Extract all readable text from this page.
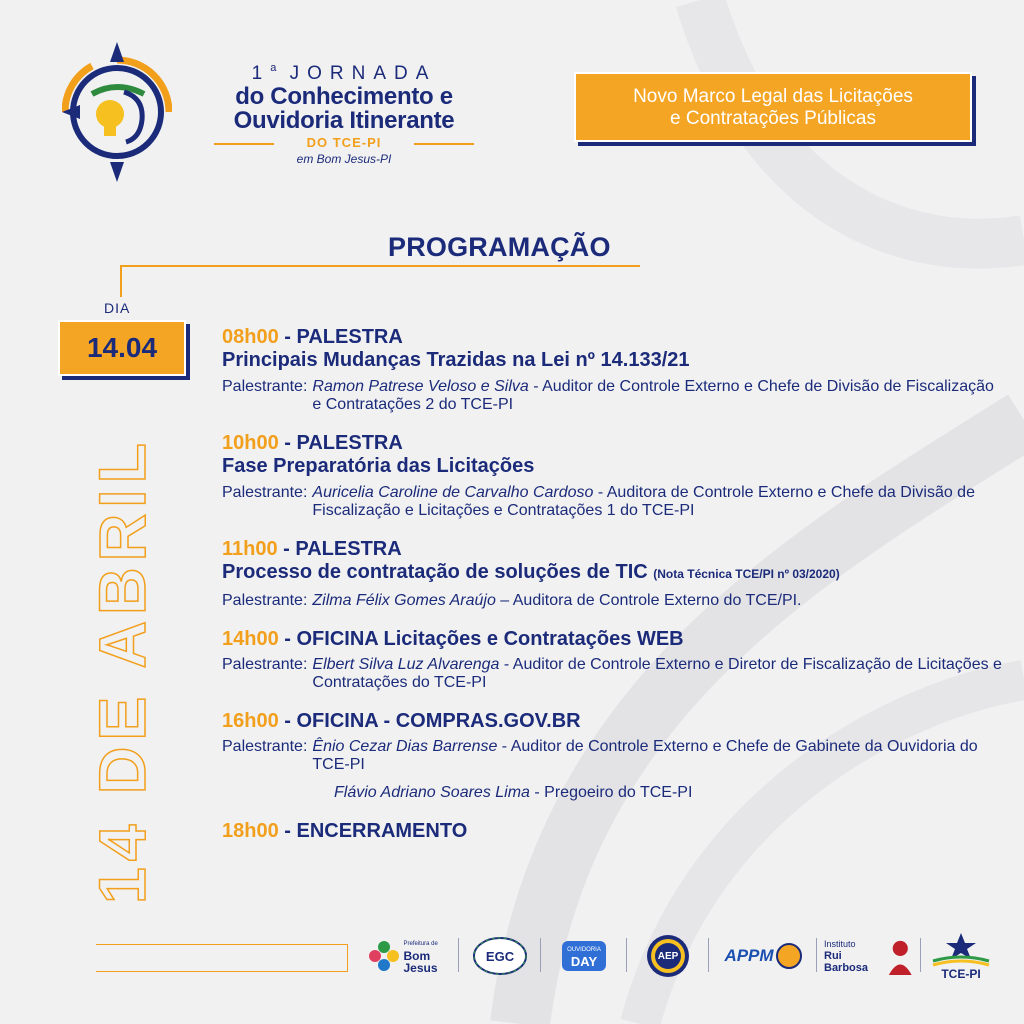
1$^a$ JORNADA
do Conhecimento e
Ouvidoria Itinerante
DO TCE-PI
em Bom Jesus-PI
Novo Marco Legal das Licitações
e Contratações Públicas
PROGRAMAÇÃO
DIA
14.04
14 DE ABRIL
08h00 - PALESTRA
Principais Mudanças Trazidas na Lei nº 14.133/21
Palestrante: Ramon Patrese Veloso e Silva - Auditor de Controle Externo e Chefe de Divisão de Fiscalização e Contratações 2 do TCE-PI
10h00 - PALESTRA
Fase Preparatória das Licitações
Palestrante: Auricelia Caroline de Carvalho Cardoso - Auditora de Controle Externo e Chefe da Divisão de Fiscalização e Licitações e Contratações 1 do TCE-PI
11h00 - PALESTRA
Processo de contratação de soluções de TIC (Nota Técnica TCE/PI nº 03/2020)
Palestrante: Zilma Félix Gomes Araújo – Auditora de Controle Externo do TCE/PI.
14h00 - OFICINA Licitações e Contratações WEB
Palestrante: Elbert Silva Luz Alvarenga - Auditor de Controle Externo e Diretor de Fiscalização de Licitações e Contratações do TCE-PI
16h00 - OFICINA - COMPRAS.GOV.BR
Palestrante: Ênio Cezar Dias Barrense - Auditor de Controle Externo e Chefe de Gabinete da Ouvidoria do TCE-PI
Flávio Adriano Soares Lima - Pregoeiro do TCE-PI
18h00 - ENCERRAMENTO
Prefeitura de
Bom Jesus
EGC	OUVIDORIA
DAY	AEP	APPM
Instituto
Rui Barbosa	TCE-PI
